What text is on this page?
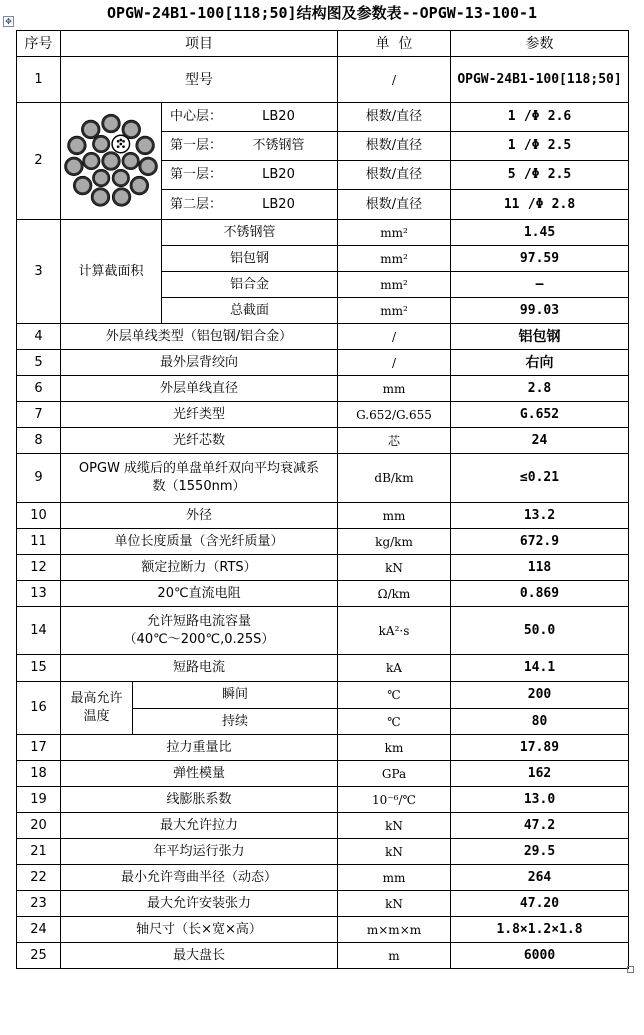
OPGW-24B1-100[118;50]结构图及参数表--OPGW-13-100-1
✥
序号	项目			单  位	参数
1	型号			/	OPGW-24B1-100[118;50]
2			中心层： LB20	根数/直径	1 /Φ 2.6

			第一层： 不锈钢管	根数/直径	1 /Φ 2.5

			第一层： LB20	根数/直径	5 /Φ 2.5

			第二层： LB20	根数/直径	11 /Φ 2.8
3	计算截面积		不锈钢管	mm²	1.45
			铝包钢	mm²	97.59
			铝合金	mm²	—
			总截面	mm²	99.03
4	外层单线类型（铝包钢/铝合金）			/	铝包钢
5	最外层背绞向			/	右向
6	外层单线直径			mm	2.8
7	光纤类型			G.652/G.655	G.652
8	光纤芯数			芯	24
9	OPGW 成缆后的单盘单纤双向平均衰减系
数（1550nm）			dB/km	≤0.21
10	外径			mm	13.2
11	单位长度质量（含光纤质量）			kg/km	672.9
12	额定拉断力（RTS）			kN	118
13	20℃直流电阻			Ω/km	0.869
14	允许短路电流容量
（40℃～200℃,0.25S）			kA²·s	50.0
15	短路电流			kA	14.1
16	最高允许
温度	瞬间		℃	200
		持续		℃	80
17	拉力重量比			km	17.89
18	弹性模量			GPa	162
19	线膨胀系数			10⁻⁶/℃	13.0
20	最大允许拉力			kN	47.2
21	年平均运行张力			kN	29.5
22	最小允许弯曲半径（动态）			mm	264
23	最大允许安装张力			kN	47.20
24	轴尺寸（长×宽×高）			m×m×m	1.8×1.2×1.8
25	最大盘长			m	6000
